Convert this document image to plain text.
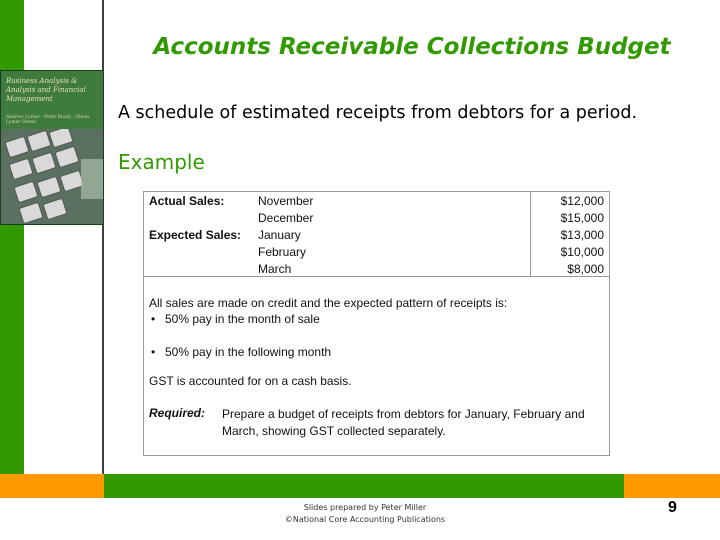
Business Analysis & Analysis and Financial Management
Andrew Lymer - Peter Brady - Glenn Lymer Street
Accounts Receivable Collections Budget
A schedule of estimated receipts from debtors for a period.
Example
Actual Sales:	November	$12,000
December	$15,000
Expected Sales: January	$13,000
February	$10,000
March	$8,000
All sales are made on credit and the expected pattern of receipts is:
• 50% pay in the month of sale
• 50% pay in the following month
GST is accounted for on a cash basis.
Required: Prepare a budget of receipts from debtors for January, February and March, showing GST collected separately.
Slides prepared by Peter Miller
©National Core Accounting Publications
9
